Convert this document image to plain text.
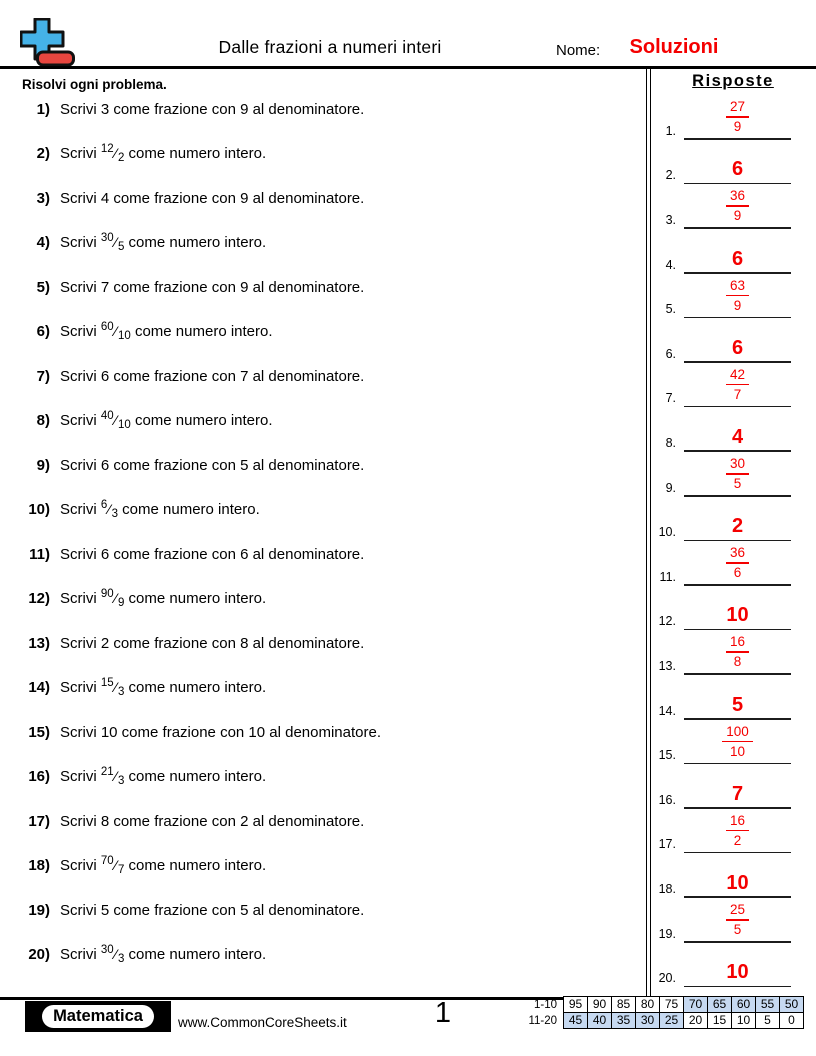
Dalle frazioni a numeri interi	Nome:	Soluzioni
Risolvi ogni problema.	Risposte
1) Scrivi 3 come frazione con 9 al denominatore.
2) Scrivi $^{12}⁄_2$ come numero intero.
3) Scrivi 4 come frazione con 9 al denominatore.
4) Scrivi $^{30}⁄_5$ come numero intero.
5) Scrivi 7 come frazione con 9 al denominatore.
6) Scrivi $^{60}⁄_{10}$ come numero intero.
7) Scrivi 6 come frazione con 7 al denominatore.
8) Scrivi $^{40}⁄_{10}$ come numero intero.
9) Scrivi 6 come frazione con 5 al denominatore.
10) Scrivi $^6⁄_3$ come numero intero.
11) Scrivi 6 come frazione con 6 al denominatore.
12) Scrivi $^{90}⁄_9$ come numero intero.
13) Scrivi 2 come frazione con 8 al denominatore.
14) Scrivi $^{15}⁄_3$ come numero intero.
15) Scrivi 10 come frazione con 10 al denominatore.
16) Scrivi $^{21}⁄_3$ come numero intero.
17) Scrivi 8 come frazione con 2 al denominatore.
18) Scrivi $^{70}⁄_7$ come numero intero.
19) Scrivi 5 come frazione con 5 al denominatore.
20) Scrivi $^{30}⁄_3$ come numero intero.
1.	$\frac{27}{9}$
2.	6
3.	$\frac{36}{9}$
4.	6
5.	$\frac{63}{9}$
6.	6
7.	$\frac{42}{7}$
8.	4
9.	$\frac{30}{5}$
10.	2
11.	$\frac{36}{6}$
12.	10
13.	$\frac{16}{8}$
14.	5
15.	$\frac{100}{10}$
16.	7
17.	$\frac{16}{2}$
18.	10
19.	$\frac{25}{5}$
20.	10
Matematica	www.CommonCoreSheets.it	1	1-10
11-20
95	90	85	80	75	70	65	60	55	50
45	40	35	30	25	20	15	10	5	0
